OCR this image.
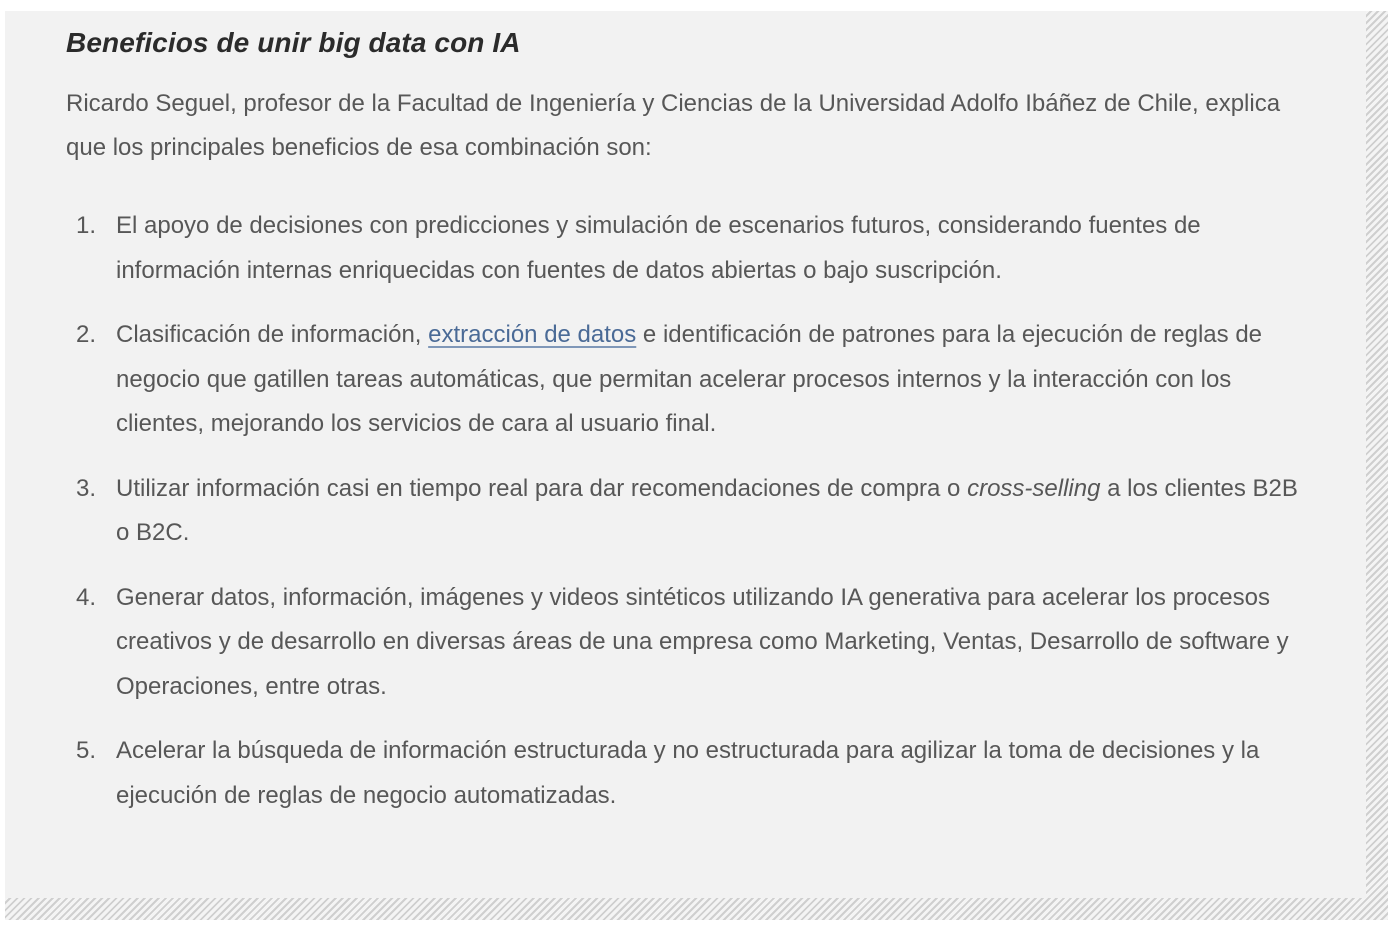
Beneficios de unir big data con IA

Ricardo Seguel, profesor de la Facultad de Ingeniería y Ciencias de la Universidad Adolfo Ibáñez de Chile, explica que los principales beneficios de esa combinación son:

1. El apoyo de decisiones con predicciones y simulación de escenarios futuros, considerando fuentes de información internas enriquecidas con fuentes de datos abiertas o bajo suscripción.
2. Clasificación de información, extracción de datos e identificación de patrones para la ejecución de reglas de negocio que gatillen tareas automáticas, que permitan acelerar procesos internos y la interacción con los clientes, mejorando los servicios de cara al usuario final.
3. Utilizar información casi en tiempo real para dar recomendaciones de compra o cross-selling a los clientes B2B o B2C.
4. Generar datos, información, imágenes y videos sintéticos utilizando IA generativa para acelerar los procesos creativos y de desarrollo en diversas áreas de una empresa como Marketing, Ventas, Desarrollo de software y Operaciones, entre otras.
5. Acelerar la búsqueda de información estructurada y no estructurada para agilizar la toma de decisiones y la ejecución de reglas de negocio automatizadas.
